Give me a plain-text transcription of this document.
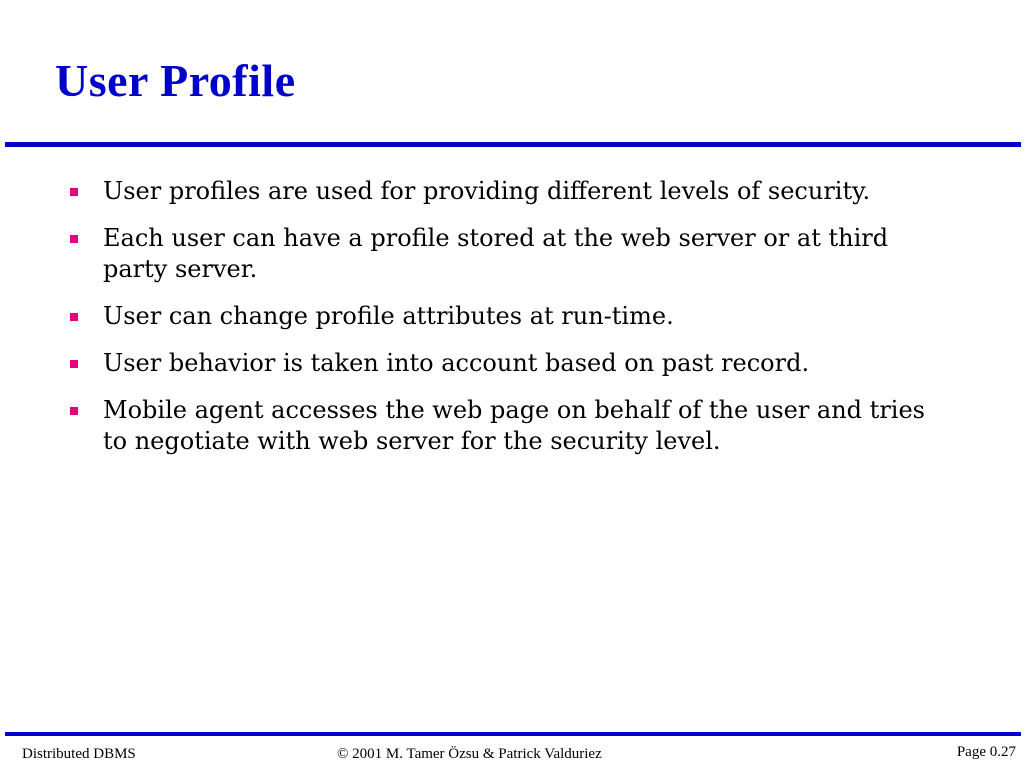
User Profile
User profiles are used for providing different levels of security.
Each user can have a profile stored at the web server or at third party server.
User can change profile attributes at run-time.
User behavior is taken into account based on past record.
Mobile agent accesses the web page on behalf of the user and tries to negotiate with web server for the security level.
Distributed DBMS	© 2001 M. Tamer Özsu & Patrick Valduriez	Page 0.27
